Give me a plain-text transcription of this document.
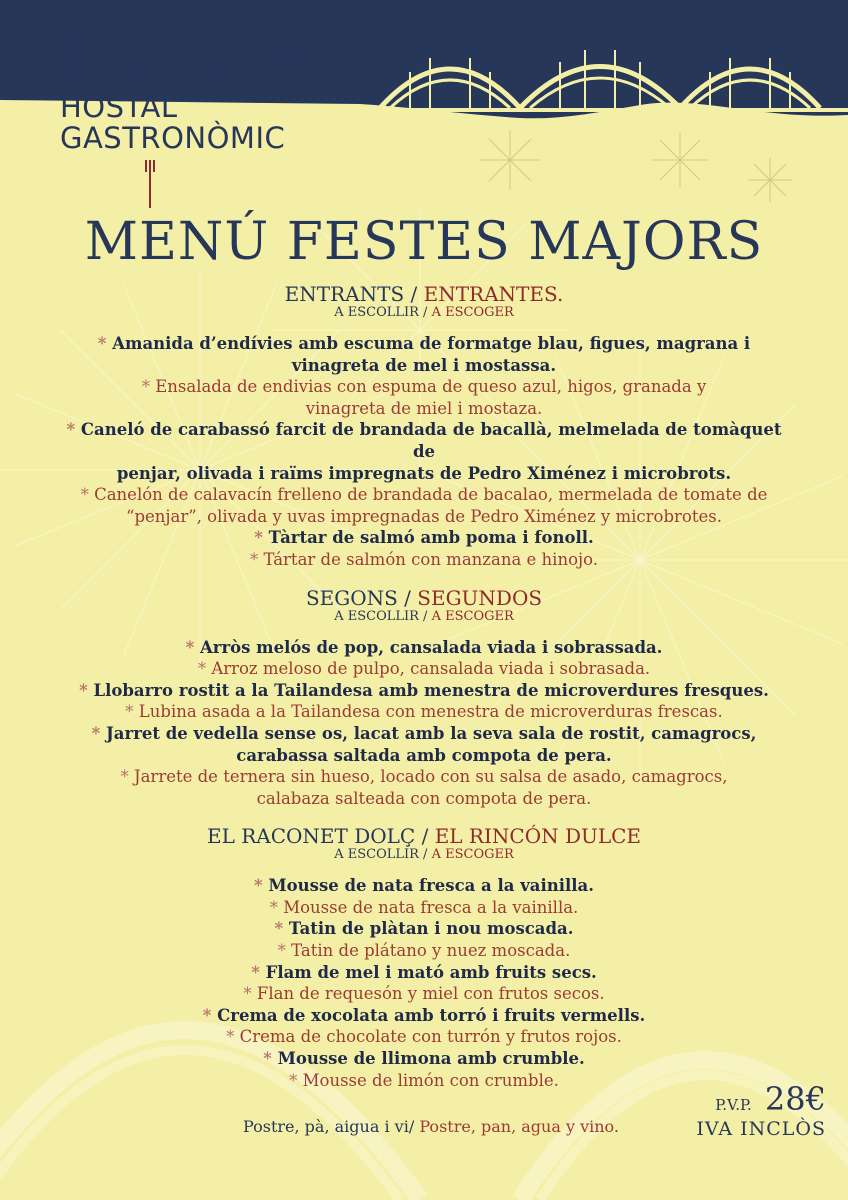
La Creu
HOSTAL
GASTRONÒMIC
MENÚ FESTES MAJORS
ENTRANTS / ENTRANTES.
A ESCOLLIR / A ESCOGER
* Amanida d’endívies amb escuma de formatge blau, figues, magrana i
vinagreta de mel i mostassa.
* Ensalada de endivias con espuma de queso azul, higos, granada y
vinagreta de miel i mostaza.
* Caneló de carabassó farcit de brandada de bacallà, melmelada de tomàquet de
penjar, olivada i raïms impregnats de Pedro Ximénez i microbrots.
* Canelón de calavacín frelleno de brandada de bacalao, mermelada de tomate de
“penjar”, olivada y uvas impregnadas de Pedro Ximénez y microbrotes.
* Tàrtar de salmó amb poma i fonoll.
* Tártar de salmón con manzana e hinojo.
SEGONS / SEGUNDOS
A ESCOLLIR / A ESCOGER
* Arròs melós de pop, cansalada viada i sobrassada.
* Arroz meloso de pulpo, cansalada viada i sobrasada.
* Llobarro rostit a la Tailandesa amb menestra de microverdures fresques.
* Lubina asada a la Tailandesa con menestra de microverduras frescas.
* Jarret de vedella sense os, lacat amb la seva sala de rostit, camagrocs,
carabassa saltada amb compota de pera.
* Jarrete de ternera sin hueso, locado con su salsa de asado, camagrocs,
calabaza salteada con compota de pera.
EL RACONET DOLÇ / EL RINCÓN DULCE
A ESCOLLIR / A ESCOGER
* Mousse de nata fresca a la vainilla.
* Mousse de nata fresca a la vainilla.
* Tatin de plàtan i nou moscada.
* Tatin de plátano y nuez moscada.
* Flam de mel i mató amb fruits secs.
* Flan de requesón y miel con frutos secos.
* Crema de xocolata amb torró i fruits vermells.
* Crema de chocolate con turrón y frutos rojos.
* Mousse de llimona amb crumble.
* Mousse de limón con crumble.
Postre, pà, aigua i vi/ Postre, pan, agua y vino.
P.V.P. 28€
IVA INCLÒS
